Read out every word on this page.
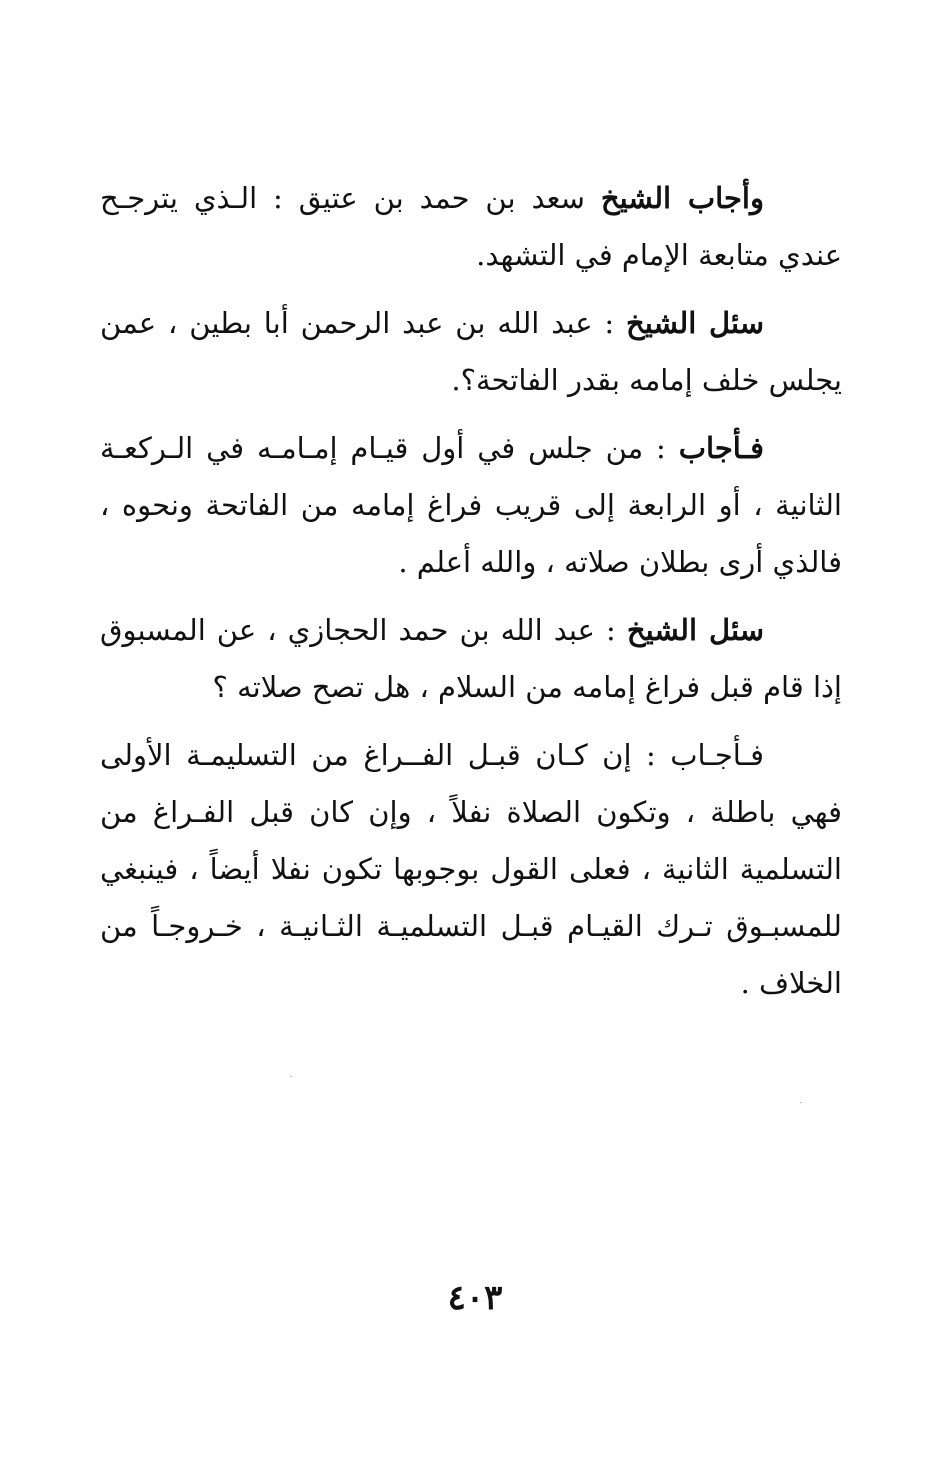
وأجاب الشيخ سعد بن حمد بن عتيق : الـذي يترجـح عندي متابعة الإمام في التشهد.

سئل الشيخ : عبد الله بن عبد الرحمن أبا بطين ، عمن يجلس خلف إمامه بقدر الفاتحة؟.

فـأجاب : من جلس في أول قيـام إمـامـه في الـركعـة الثانية ، أو الرابعة إلى قريب فراغ إمامه من الفاتحة ونحوه ، فالذي أرى بطلان صلاته ، والله أعلم .

سئل الشيخ : عبد الله بن حمد الحجازي ، عن المسبوق إذا قام قبل فراغ إمامه من السلام ، هل تصح صلاته ؟

فـأجـاب : إن كـان قبـل الفــراغ من التسليمـة الأولى فهي باطلة ، وتكون الصلاة نفلاً ، وإن كان قبل الفـراغ من التسلمية الثانية ، فعلى القول بوجوبها تكون نفلا أيضاً ، فينبغي للمسبـوق تـرك القيـام قبـل التسلميـة الثـانيـة ، خـروجـاً من الخلاف .

٤٠٣
